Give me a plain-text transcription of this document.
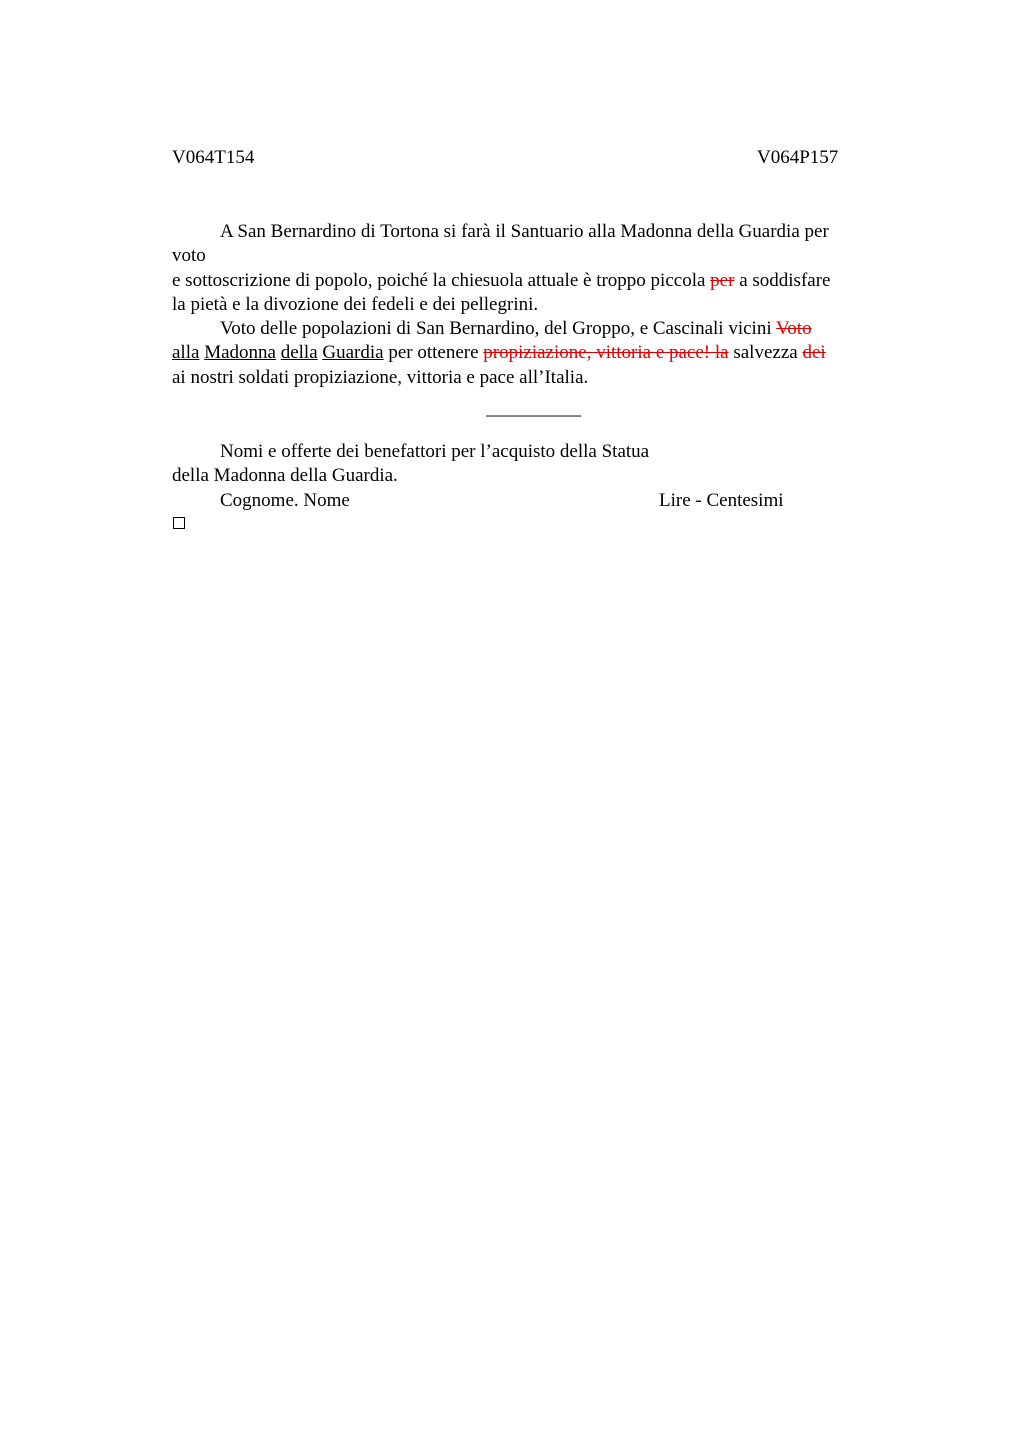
V064T154	V064P157
A San Bernardino di Tortona si farà il Santuario alla Madonna della Guardia per
voto
e sottoscrizione di popolo, poiché la chiesuola attuale è troppo piccola per a soddisfare
la pietà e la divozione dei fedeli e dei pellegrini.
Voto delle popolazioni di San Bernardino, del Groppo, e Cascinali vicini Voto
alla Madonna della Guardia per ottenere propiziazione, vittoria e pace! la salvezza dei
ai nostri soldati propiziazione, vittoria e pace all’Italia.
__________
Nomi e offerte dei benefattori per l’acquisto della Statua
della Madonna della Guardia.
Cognome. Nome	Lire - Centesimi
